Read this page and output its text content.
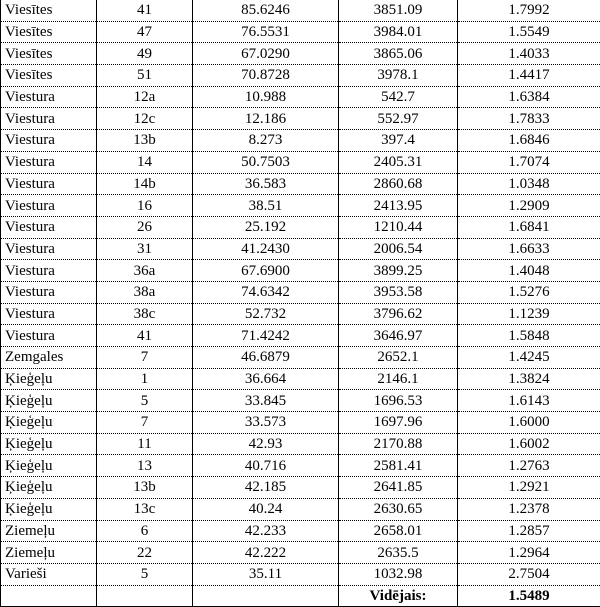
Viesītes	41	85.6246	3851.09	1.7992
Viesītes	47	76.5531	3984.01	1.5549
Viesītes	49	67.0290	3865.06	1.4033
Viesītes	51	70.8728	3978.1	1.4417
Viestura	12a	10.988	542.7	1.6384
Viestura	12c	12.186	552.97	1.7833
Viestura	13b	8.273	397.4	1.6846
Viestura	14	50.7503	2405.31	1.7074
Viestura	14b	36.583	2860.68	1.0348
Viestura	16	38.51	2413.95	1.2909
Viestura	26	25.192	1210.44	1.6841
Viestura	31	41.2430	2006.54	1.6633
Viestura	36a	67.6900	3899.25	1.4048
Viestura	38a	74.6342	3953.58	1.5276
Viestura	38c	52.732	3796.62	1.1239
Viestura	41	71.4242	3646.97	1.5848
Zemgales	7	46.6879	2652.1	1.4245
Ķieģeļu	1	36.664	2146.1	1.3824
Ķieģeļu	5	33.845	1696.53	1.6143
Ķieģeļu	7	33.573	1697.96	1.6000
Ķieģeļu	11	42.93	2170.88	1.6002
Ķieģeļu	13	40.716	2581.41	1.2763
Ķieģeļu	13b	42.185	2641.85	1.2921
Ķieģeļu	13c	40.24	2630.65	1.2378
Ziemeļu	6	42.233	2658.01	1.2857
Ziemeļu	22	42.222	2635.5	1.2964
Varieši	5	35.11	1032.98	2.7504
			Vidējais:	1.5489
